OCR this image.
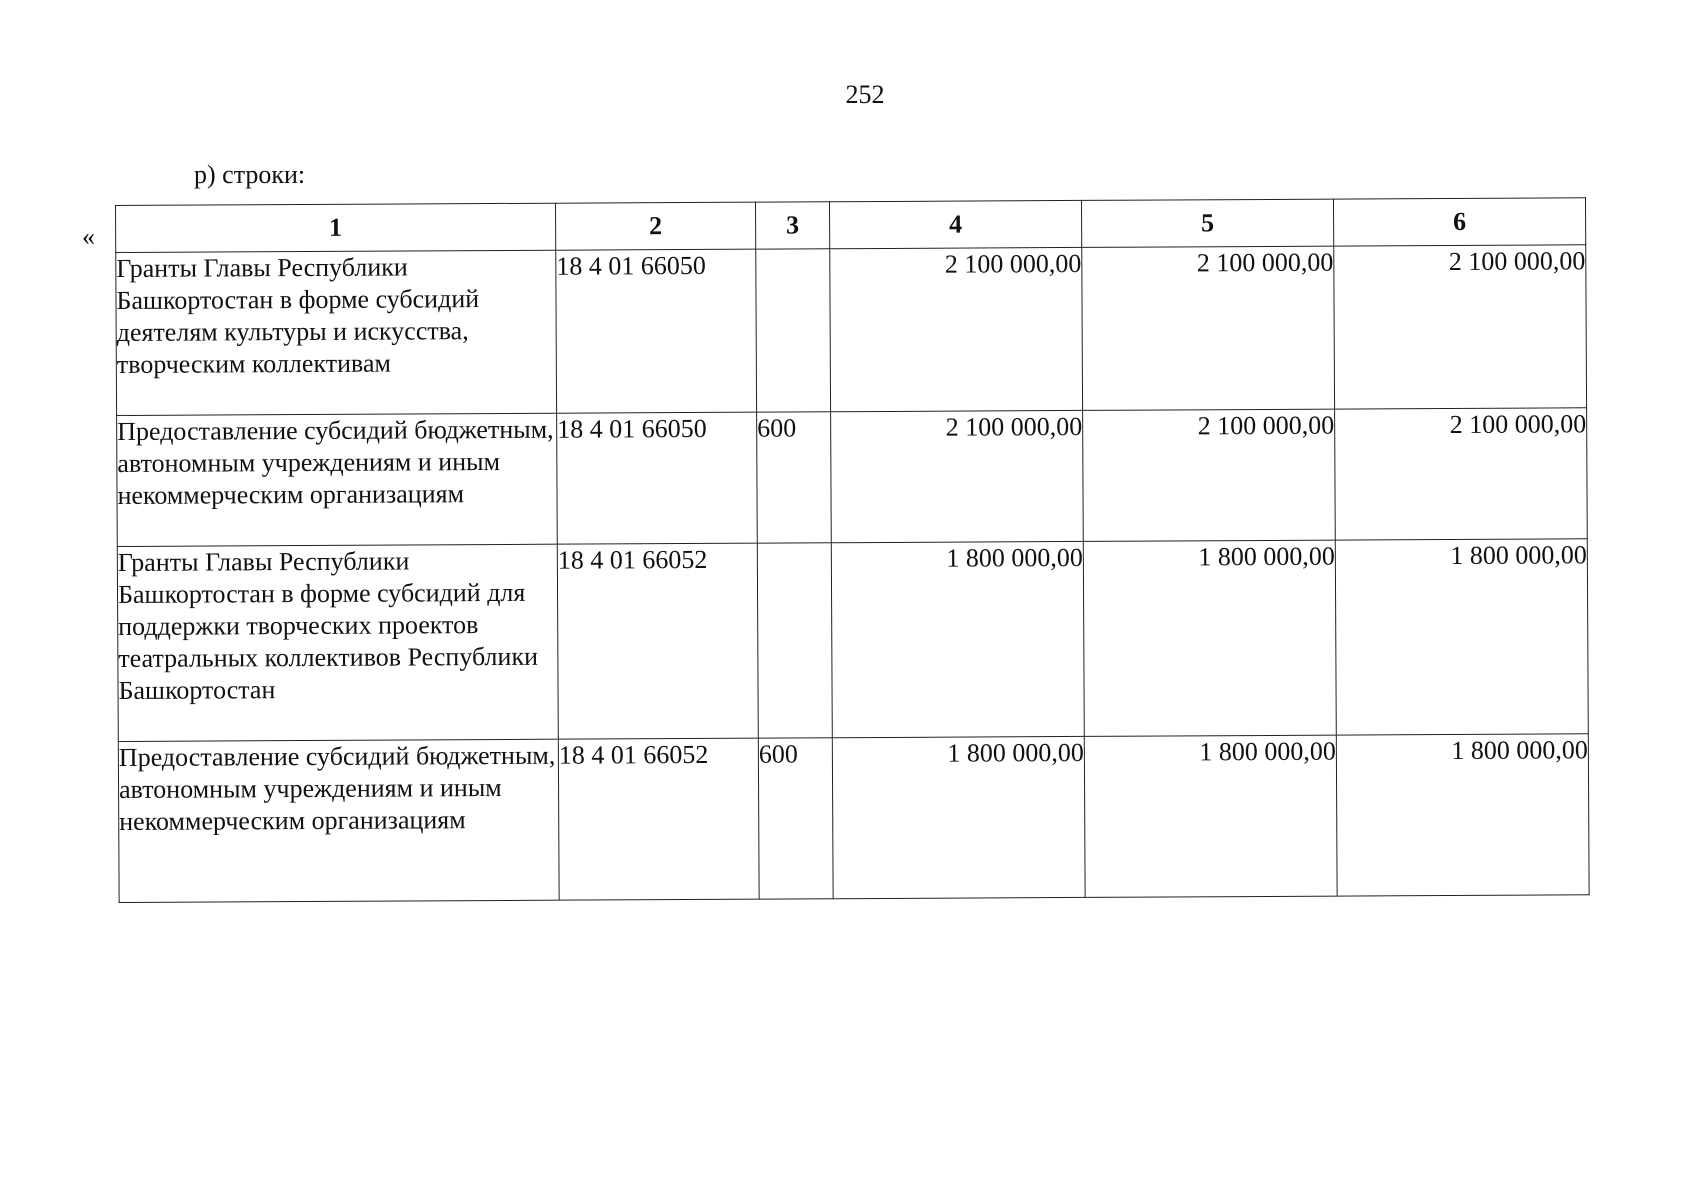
252
р) строки:
«	1	2	3	4	5	6
Гранты Главы Республики Башкортостан в форме субсидий деятелям культуры и искусства, творческим коллективам	18 4 01 66050		2 100 000,00	2 100 000,00	2 100 000,00
Предоставление субсидий бюджетным, автономным учреждениям и иным некоммерческим организациям	18 4 01 66050	600	2 100 000,00	2 100 000,00	2 100 000,00
Гранты Главы Республики Башкортостан в форме субсидий для поддержки творческих проектов театральных коллективов Республики Башкортостан	18 4 01 66052		1 800 000,00	1 800 000,00	1 800 000,00
Предоставление субсидий бюджетным, автономным учреждениям и иным некоммерческим организациям	18 4 01 66052	600	1 800 000,00	1 800 000,00	1 800 000,00
